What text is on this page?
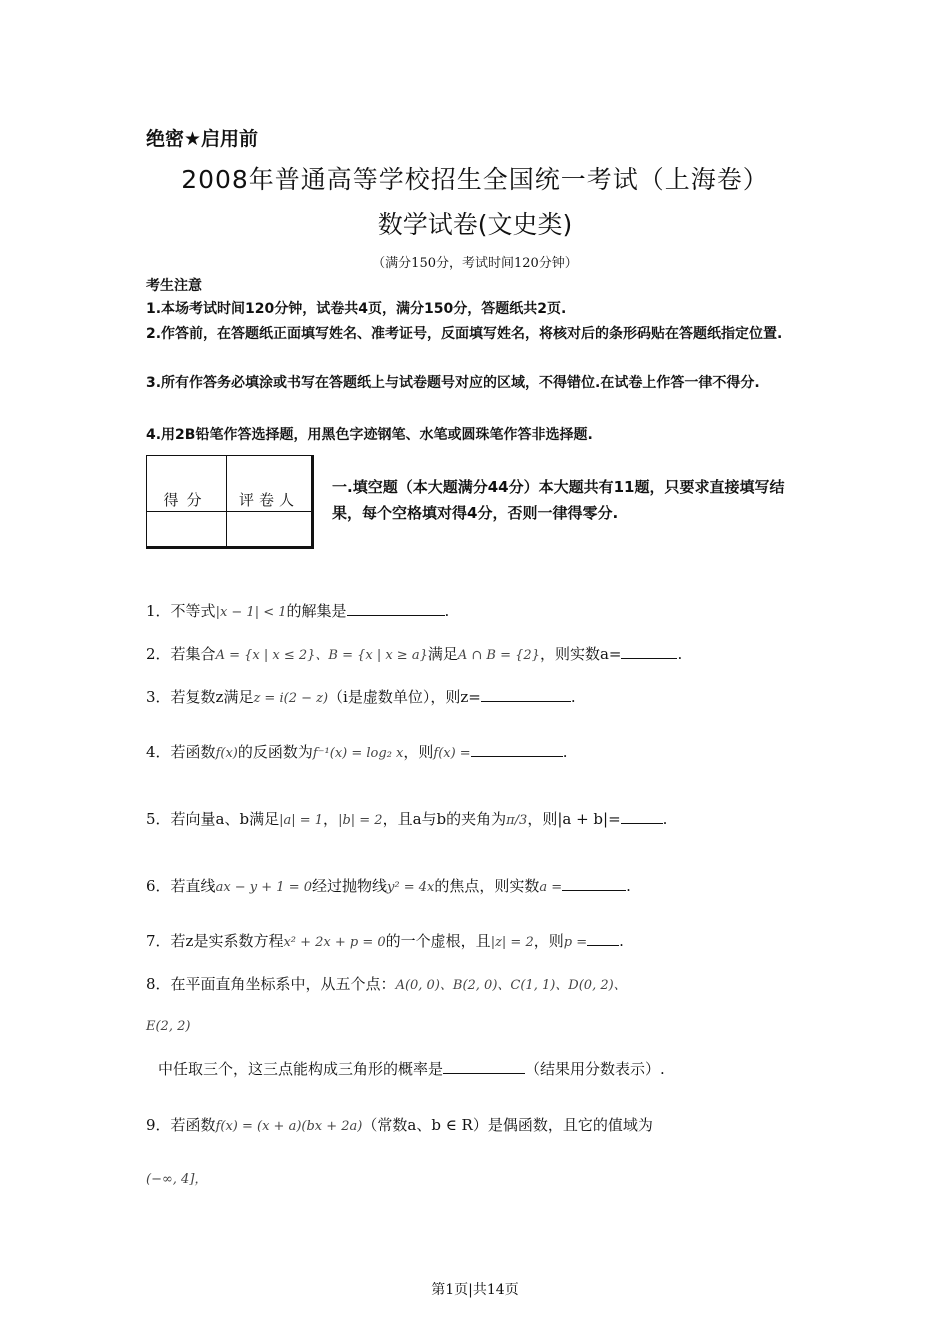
绝密★启用前
2008年普通高等学校招生全国统一考试（上海卷）
数学试卷(文史类)
（满分150分，考试时间120分钟）
考生注意
1.本场考试时间120分钟，试卷共4页，满分150分，答题纸共2页.
2.作答前，在答题纸正面填写姓名、准考证号，反面填写姓名，将核对后的条形码贴在答题纸指定位置.
3.所有作答务必填涂或书写在答题纸上与试卷题号对应的区域，不得错位.在试卷上作答一律不得分.
4.用2B铅笔作答选择题，用黑色字迹钢笔、水笔或圆珠笔作答非选择题.
得分	评卷人
一.填空题（本大题满分44分）本大题共有11题，只要求直接填写结果，每个空格填对得4分，否则一律得零分.
1．不等式|x − 1| < 1的解集是	.
2．若集合A = {x | x ≤ 2}、B = {x | x ≥ a}满足A ∩ B = {2}，则实数a=	.
3．若复数z满足z = i(2 − z)（i是虚数单位），则z=	.
4．若函数f(x)的反函数为f⁻¹(x) = log₂ x，则f(x) =	.
5．若向量a、b满足|a| = 1，|b| = 2，且a与b的夹角为π/3，则|a + b|=	.
6．若直线ax − y + 1 = 0经过抛物线y² = 4x的焦点，则实数a =	.
7．若z是实系数方程x² + 2x + p = 0的一个虚根，且|z| = 2，则p = .
8．在平面直角坐标系中，从五个点：A(0, 0)、B(2, 0)、C(1, 1)、D(0, 2)、
E(2, 2)
中任取三个，这三点能构成三角形的概率是	（结果用分数表示）.
9．若函数f(x) = (x + a)(bx + 2a)（常数a、b ∈ R）是偶函数，且它的值域为
(−∞, 4]，
第1页|共14页
